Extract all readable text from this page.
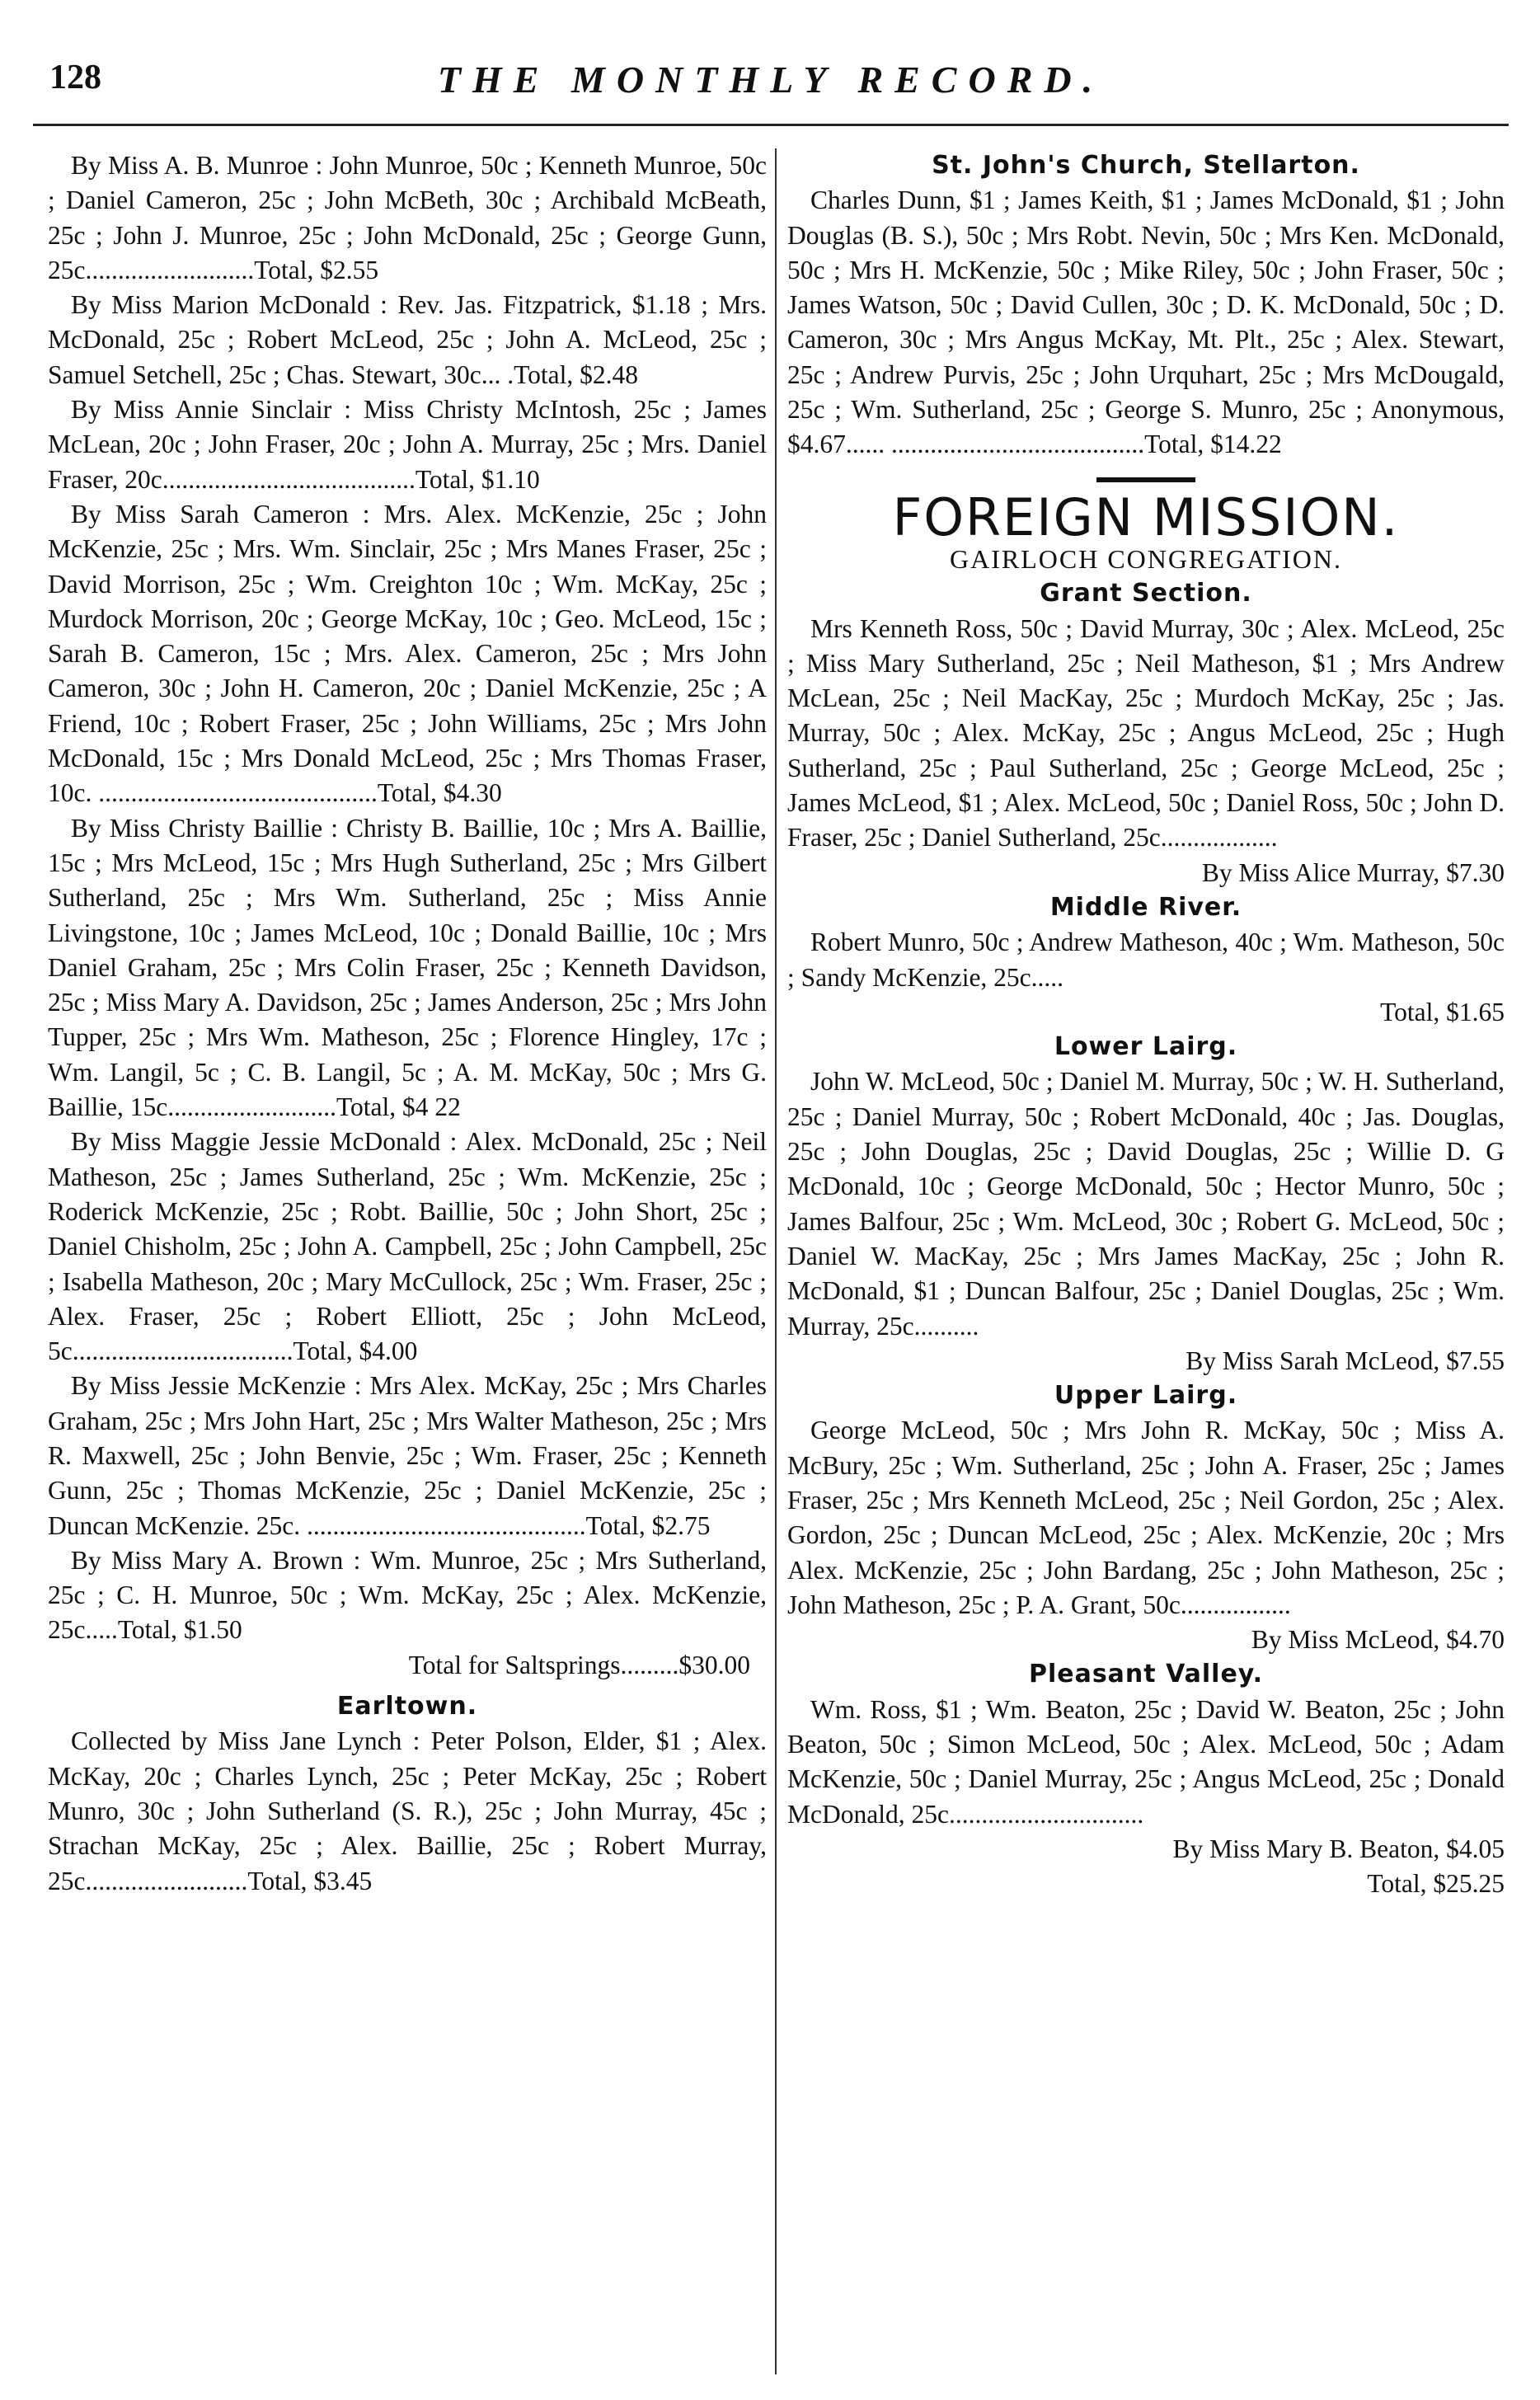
128	THE MONTHLY RECORD.
By Miss A. B. Munroe : John Munroe, 50c ; Kenneth Munroe, 50c ; Daniel Cameron, 25c ; John McBeth, 30c ; Archibald McBeath, 25c ; John J. Munroe, 25c ; John McDonald, 25c ; George Gunn, 25c..........................Total, $2.55
By Miss Marion McDonald : Rev. Jas. Fitzpatrick, $1.18 ; Mrs. McDonald, 25c ; Robert McLeod, 25c ; John A. McLeod, 25c ; Samuel Setchell, 25c ; Chas. Stewart, 30c... .Total, $2.48
By Miss Annie Sinclair : Miss Christy McIntosh, 25c ; James McLean, 20c ; John Fraser, 20c ; John A. Murray, 25c ; Mrs. Daniel Fraser, 20c.......................................Total, $1.10
By Miss Sarah Cameron : Mrs. Alex. McKenzie, 25c ; John McKenzie, 25c ; Mrs. Wm. Sinclair, 25c ; Mrs Manes Fraser, 25c ; David Morrison, 25c ; Wm. Creighton 10c ; Wm. McKay, 25c ; Murdock Morrison, 20c ; George McKay, 10c ; Geo. McLeod, 15c ; Sarah B. Cameron, 15c ; Mrs. Alex. Cameron, 25c ; Mrs John Cameron, 30c ; John H. Cameron, 20c ; Daniel McKenzie, 25c ; A Friend, 10c ; Robert Fraser, 25c ; John Williams, 25c ; Mrs John McDonald, 15c ; Mrs Donald McLeod, 25c ; Mrs Thomas Fraser, 10c. ...........................................Total, $4.30
By Miss Christy Baillie : Christy B. Baillie, 10c ; Mrs A. Baillie, 15c ; Mrs McLeod, 15c ; Mrs Hugh Sutherland, 25c ; Mrs Gilbert Sutherland, 25c ; Mrs Wm. Sutherland, 25c ; Miss Annie Livingstone, 10c ; James McLeod, 10c ; Donald Baillie, 10c ; Mrs Daniel Graham, 25c ; Mrs Colin Fraser, 25c ; Kenneth Davidson, 25c ; Miss Mary A. Davidson, 25c ; James Anderson, 25c ; Mrs John Tupper, 25c ; Mrs Wm. Matheson, 25c ; Florence Hingley, 17c ; Wm. Langil, 5c ; C. B. Langil, 5c ; A. M. McKay, 50c ; Mrs G. Baillie, 15c..........................Total, $4 22
By Miss Maggie Jessie McDonald : Alex. McDonald, 25c ; Neil Matheson, 25c ; James Sutherland, 25c ; Wm. McKenzie, 25c ; Roderick McKenzie, 25c ; Robt. Baillie, 50c ; John Short, 25c ; Daniel Chisholm, 25c ; John A. Campbell, 25c ; John Campbell, 25c ; Isabella Matheson, 20c ; Mary McCullock, 25c ; Wm. Fraser, 25c ; Alex. Fraser, 25c ; Robert Elliott, 25c ; John McLeod, 5c..................................Total, $4.00
By Miss Jessie McKenzie : Mrs Alex. McKay, 25c ; Mrs Charles Graham, 25c ; Mrs John Hart, 25c ; Mrs Walter Matheson, 25c ; Mrs R. Maxwell, 25c ; John Benvie, 25c ; Wm. Fraser, 25c ; Kenneth Gunn, 25c ; Thomas McKenzie, 25c ; Daniel McKenzie, 25c ; Duncan McKenzie. 25c. ...........................................Total, $2.75
By Miss Mary A. Brown : Wm. Munroe, 25c ; Mrs Sutherland, 25c ; C. H. Munroe, 50c ; Wm. McKay, 25c ; Alex. McKenzie, 25c.....Total, $1.50
Total for Saltsprings.........$30.00
Earltown.
Collected by Miss Jane Lynch : Peter Polson, Elder, $1 ; Alex. McKay, 20c ; Charles Lynch, 25c ; Peter McKay, 25c ; Robert Munro, 30c ; John Sutherland (S. R.), 25c ; John Murray, 45c ; Strachan McKay, 25c ; Alex. Baillie, 25c ; Robert Murray, 25c.........................Total, $3.45
St. John's Church, Stellarton.
Charles Dunn, $1 ; James Keith, $1 ; James McDonald, $1 ; John Douglas (B. S.), 50c ; Mrs Robt. Nevin, 50c ; Mrs Ken. McDonald, 50c ; Mrs H. McKenzie, 50c ; Mike Riley, 50c ; John Fraser, 50c ; James Watson, 50c ; David Cullen, 30c ; D. K. McDonald, 50c ; D. Cameron, 30c ; Mrs Angus McKay, Mt. Plt., 25c ; Alex. Stewart, 25c ; Andrew Purvis, 25c ; John Urquhart, 25c ; Mrs McDougald, 25c ; Wm. Sutherland, 25c ; George S. Munro, 25c ; Anonymous, $4.67...... .......................................Total, $14.22
FOREIGN MISSION.
GAIRLOCH CONGREGATION.
Grant Section.
Mrs Kenneth Ross, 50c ; David Murray, 30c ; Alex. McLeod, 25c ; Miss Mary Sutherland, 25c ; Neil Matheson, $1 ; Mrs Andrew McLean, 25c ; Neil MacKay, 25c ; Murdoch McKay, 25c ; Jas. Murray, 50c ; Alex. McKay, 25c ; Angus McLeod, 25c ; Hugh Sutherland, 25c ; Paul Sutherland, 25c ; George McLeod, 25c ; James McLeod, $1 ; Alex. McLeod, 50c ; Daniel Ross, 50c ; John D. Fraser, 25c ; Daniel Sutherland, 25c..................
By Miss Alice Murray, $7.30
Middle River.
Robert Munro, 50c ; Andrew Matheson, 40c ; Wm. Matheson, 50c ; Sandy McKenzie, 25c.....
Total, $1.65
Lower Lairg.
John W. McLeod, 50c ; Daniel M. Murray, 50c ; W. H. Sutherland, 25c ; Daniel Murray, 50c ; Robert McDonald, 40c ; Jas. Douglas, 25c ; John Douglas, 25c ; David Douglas, 25c ; Willie D. G McDonald, 10c ; George McDonald, 50c ; Hector Munro, 50c ; James Balfour, 25c ; Wm. McLeod, 30c ; Robert G. McLeod, 50c ; Daniel W. MacKay, 25c ; Mrs James MacKay, 25c ; John R. McDonald, $1 ; Duncan Balfour, 25c ; Daniel Douglas, 25c ; Wm. Murray, 25c..........
By Miss Sarah McLeod, $7.55
Upper Lairg.
George McLeod, 50c ; Mrs John R. McKay, 50c ; Miss A. McBury, 25c ; Wm. Sutherland, 25c ; John A. Fraser, 25c ; James Fraser, 25c ; Mrs Kenneth McLeod, 25c ; Neil Gordon, 25c ; Alex. Gordon, 25c ; Duncan McLeod, 25c ; Alex. McKenzie, 20c ; Mrs Alex. McKenzie, 25c ; John Bardang, 25c ; John Matheson, 25c ; John Matheson, 25c ; P. A. Grant, 50c.................
By Miss McLeod, $4.70
Pleasant Valley.
Wm. Ross, $1 ; Wm. Beaton, 25c ; David W. Beaton, 25c ; John Beaton, 50c ; Simon McLeod, 50c ; Alex. McLeod, 50c ; Adam McKenzie, 50c ; Daniel Murray, 25c ; Angus McLeod, 25c ; Donald McDonald, 25c..............................
By Miss Mary B. Beaton, $4.05
Total, $25.25
